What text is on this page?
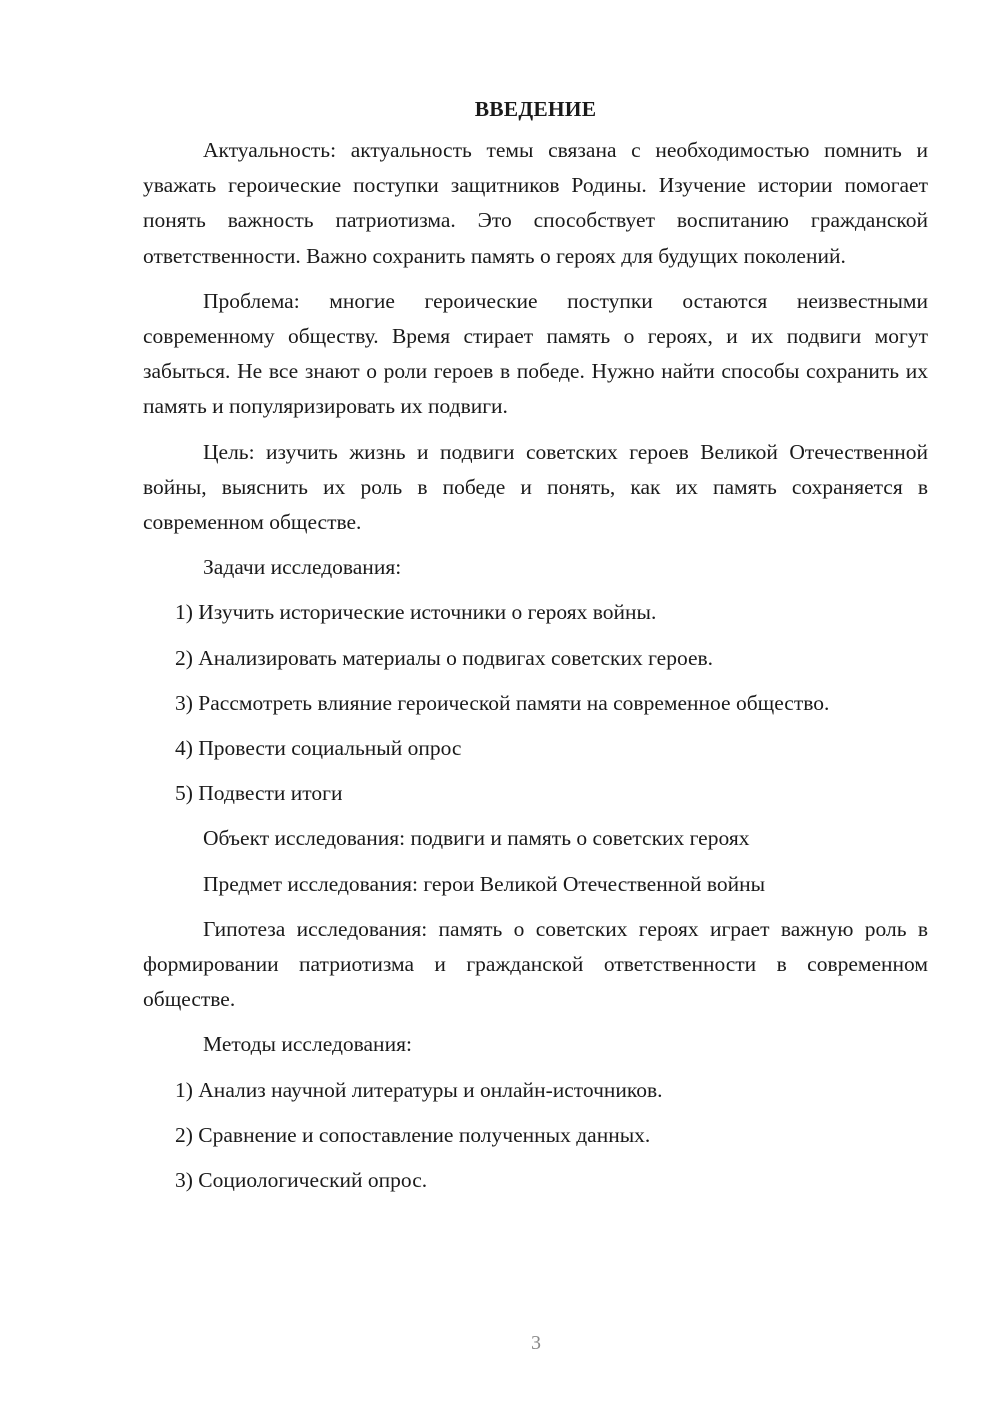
ВВЕДЕНИЕ

Актуальность: актуальность темы связана с необходимостью помнить и уважать героические поступки защитников Родины. Изучение истории помогает понять важность патриотизма. Это способствует воспитанию гражданской ответственности. Важно сохранить память о героях для будущих поколений.

Проблема: многие героические поступки остаются неизвестными современному обществу. Время стирает память о героях, и их подвиги могут забыться. Не все знают о роли героев в победе. Нужно найти способы сохранить их память и популяризировать их подвиги.

Цель: изучить жизнь и подвиги советских героев Великой Отечественной войны, выяснить их роль в победе и понять, как их память сохраняется в современном обществе.

Задачи исследования:

1) Изучить исторические источники о героях войны.

2) Анализировать материалы о подвигах советских героев.

3) Рассмотреть влияние героической памяти на современное общество.

4) Провести социальный опрос

5) Подвести итоги

Объект исследования: подвиги и память о советских героях

Предмет исследования: герои Великой Отечественной войны

Гипотеза исследования: память о советских героях играет важную роль в формировании патриотизма и гражданской ответственности в современном обществе.

Методы исследования:

1) Анализ научной литературы и онлайн-источников.

2) Сравнение и сопоставление полученных данных.

3) Социологический опрос.

3
